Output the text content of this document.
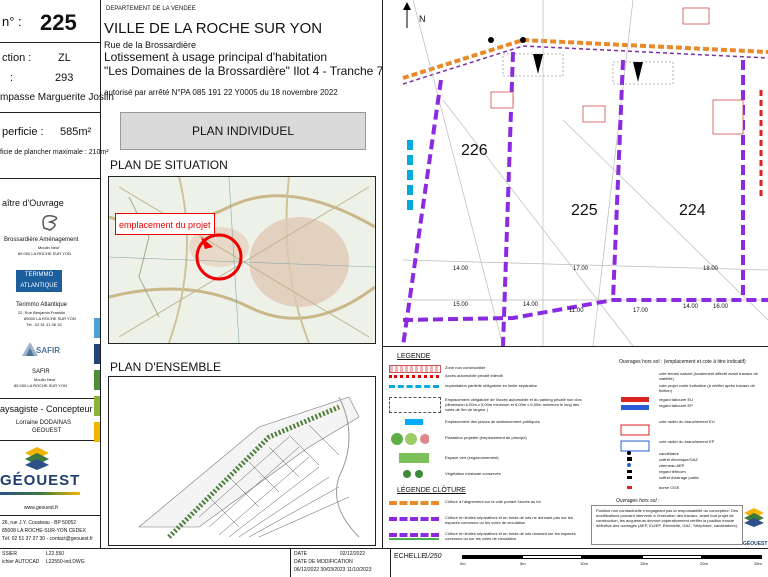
n° : 225
ction : ZL
:	293
mpasse Marguerite Joslin
perficie : 585m²
ficie de plancher maximale : 210m²
aître d'Ouvrage
Brossardière Aménagement
Moulin Neuf
85 000 LA ROCHE SUR YON
TERIMMO ATLANTIQUE
Terimmo Atlantique
22, Rue Benjamin Franklin
85000 LA ROCHE SUR YON
Tél : 02 51 41 06 15
SAFIR
SAFIR
Moulin Neuf
85 000 LA ROCHE SUR YON
aysagiste - Concepteur
Lorraine DODAINAS
GEOUEST
GÉOUEST
www.geouest.fr
26, rue J.Y. Cousteau - BP 50052
85008 LA ROCHE-SUR-YON CEDEX
Tél. 02 51 37 27 30 - contact@geouest.fr
DEPARTEMENT DE LA VENDEE
VILLE DE LA ROCHE SUR YON
Rue de la Brossardière
Lotissement à usage principal d'habitation
"Les Domaines de la Brossardière" Ilot 4 - Tranche 7
autorisé par arrêté N°PA 085 191 22 Y0005 du 18 novembre 2022
PLAN INDIVIDUEL
PLAN DE SITUATION
emplacement du projet
PLAN D'ENSEMBLE
N
226
225	224
14.00	17.00	18.00
15.00	14.00
11.00	17.00
14.00 16.00
LEGENDE
Zone non constructible
Accès automobile privatif interdit
Implantation partielle obligatoire en limite séparative
Emplacement obligatoire de l'accès automobile et du parking privatif non clos (dimension 6,00m x 5,00m minimum et 6,00m x 6,00m minimum le long des voies de 5m de largeur )
Emplacement des places de stationnement publiques
Plantation projetée (emplacement de principe)
Espace vert (engazonnement)
Végétation existante conservée
LÉGENDE CLÔTURE
Clôture à l'alignement sur la voie portant l'accès au lot
Clôture en limites séparatives et en fonds de lots ne donnant pas sur les espaces communs ou les voies de circulation
Clôture en limites séparatives et en fonds de lots donnant sur les espaces communs ou sur les voies de circulation
Ouvrages hors sol : (emplacement et cote à titre indicatif)
cote terrain naturel (localement affecté avant travaux de viabilité)
cote projet voirie indicative (à vérifier après travaux de finition)
regard tabouret EU
regard tabouret EP
cote radier du branchement EU
cote radier du branchement EP
candélabre
coffret électrique/GAZ
citerneau AEP
regard télécom
coffret éclairage public
borne OGE
Ouvrages hors sol :
Position non contractuelle n'engageant pas la responsabilité du concepteur. Des modifications pouvant intervenir à l'exécution des travaux, avant tout projet de construction, les acquéreurs devront impérativement vérifier la position exacte définitive des ouvrages (AEP, EU/EP, Électricité, GAZ, Téléphone, candélabres).
GÉOUEST
SSIER	L22.550
ichier AUTOCAD L22550-ind.DWG
DATE	02/12/2022
DATE DE MODIFICATION
06/12/2022 30/03/2023 11/10/2023
ECHELLE
1/250
0m	5m	10m	15m	20m	25m
